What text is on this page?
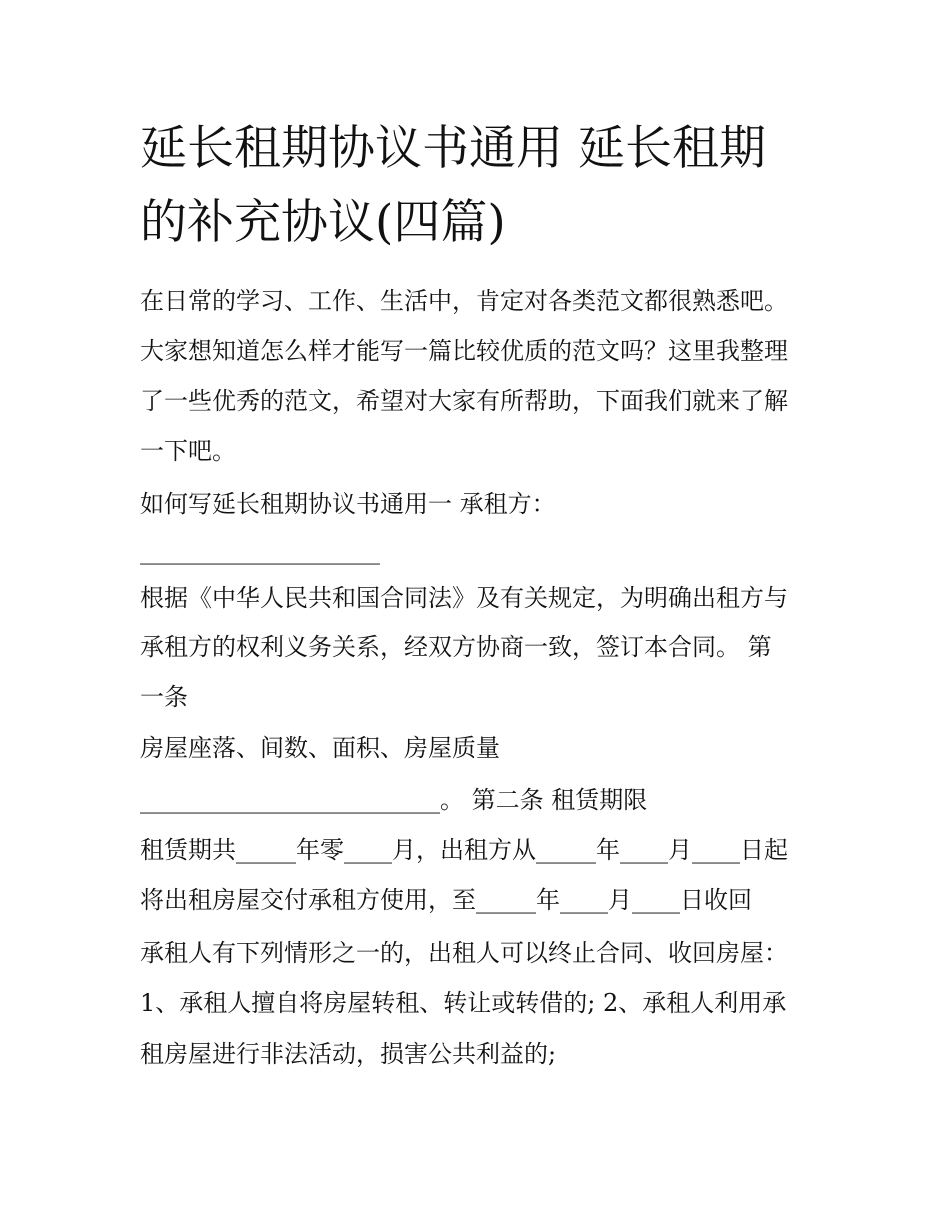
延长租期协议书通用 延长租期
的补充协议(四篇)

在日常的学习、工作、生活中，肯定对各类范文都很熟悉吧。

大家想知道怎么样才能写一篇比较优质的范文吗？这里我整理

了一些优秀的范文，希望对大家有所帮助，下面我们就来了解

一下吧。

如何写延长租期协议书通用一 承租方：

____________________

根据《中华人民共和国合同法》及有关规定，为明确出租方与

承租方的权利义务关系，经双方协商一致，签订本合同。 第

一条

房屋座落、间数、面积、房屋质量

_________________________。 第二条 租赁期限

租赁期共_____年零____月，出租方从_____年____月____日起

将出租房屋交付承租方使用，至_____年____月____日收回

承租人有下列情形之一的，出租人可以终止合同、收回房屋：

1、承租人擅自将房屋转租、转让或转借的; 2、承租人利用承

租房屋进行非法活动，损害公共利益的;
